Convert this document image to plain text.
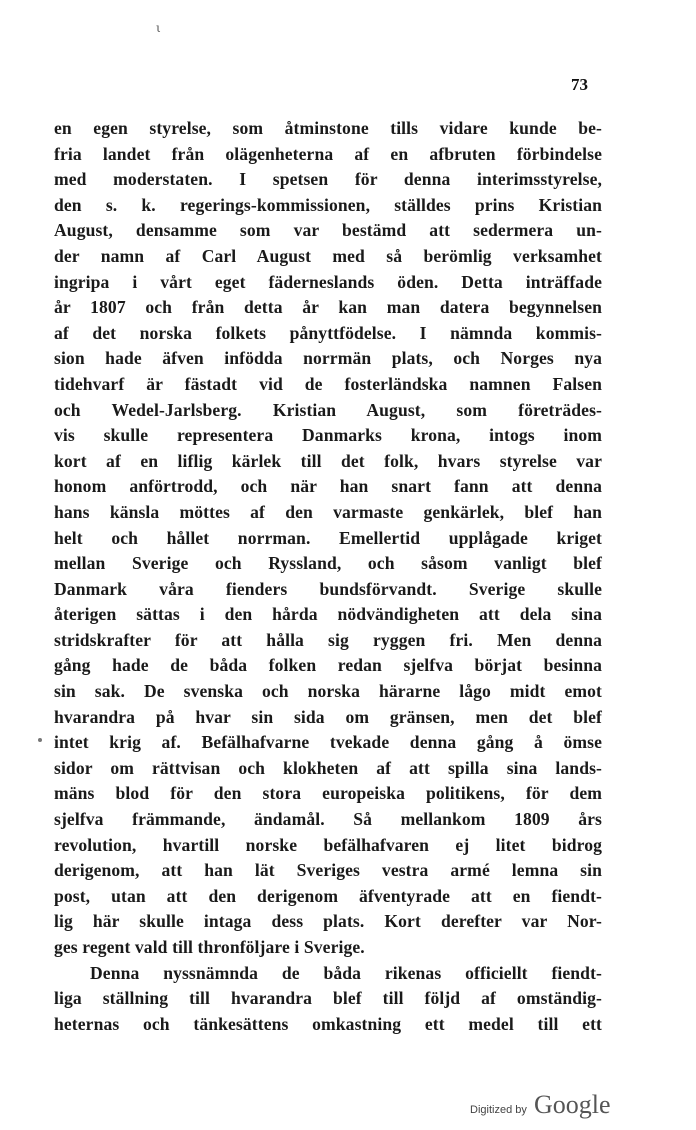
ι
73
en egen styrelse, som åtminstone tills vidare kunde be-
fria landet från olägenheterna af en afbruten förbindelse
med moderstaten. I spetsen för denna interimsstyrelse,
den s. k. regerings-kommissionen, ställdes prins Kristian
August, densamme som var bestämd att sedermera un-
der namn af Carl August med så berömlig verksamhet
ingripa i vårt eget fäderneslands öden. Detta inträffade
år 1807 och från detta år kan man datera begynnelsen
af det norska folkets pånyttfödelse. I nämnda kommis-
sion hade äfven infödda norrmän plats, och Norges nya
tidehvarf är fästadt vid de fosterländska namnen Falsen
och Wedel-Jarlsberg. Kristian August, som företrädes-
vis skulle representera Danmarks krona, intogs inom
kort af en liflig kärlek till det folk, hvars styrelse var
honom anförtrodd, och när han snart fann att denna
hans känsla möttes af den varmaste genkärlek, blef han
helt och hållet norrman. Emellertid upplågade kriget
mellan Sverige och Ryssland, och såsom vanligt blef
Danmark våra fienders bundsförvandt. Sverige skulle
återigen sättas i den hårda nödvändigheten att dela sina
stridskrafter för att hålla sig ryggen fri. Men denna
gång hade de båda folken redan sjelfva börjat besinna
sin sak. De svenska och norska härarne lågo midt emot
hvarandra på hvar sin sida om gränsen, men det blef
intet krig af. Befälhafvarne tvekade denna gång å ömse
sidor om rättvisan och klokheten af att spilla sina lands-
mäns blod för den stora europeiska politikens, för dem
sjelfva främmande, ändamål. Så mellankom 1809 års
revolution, hvartill norske befälhafvaren ej litet bidrog
derigenom, att han lät Sveriges vestra armé lemna sin
post, utan att den derigenom äfventyrade att en fiendt-
lig här skulle intaga dess plats. Kort derefter var Nor-
ges regent vald till thronföljare i Sverige.
Denna nyssnämnda de båda rikenas officiellt fiendt-
liga ställning till hvarandra blef till följd af omständig-
heternas och tänkesättens omkastning ett medel till ett
Digitized by Google
